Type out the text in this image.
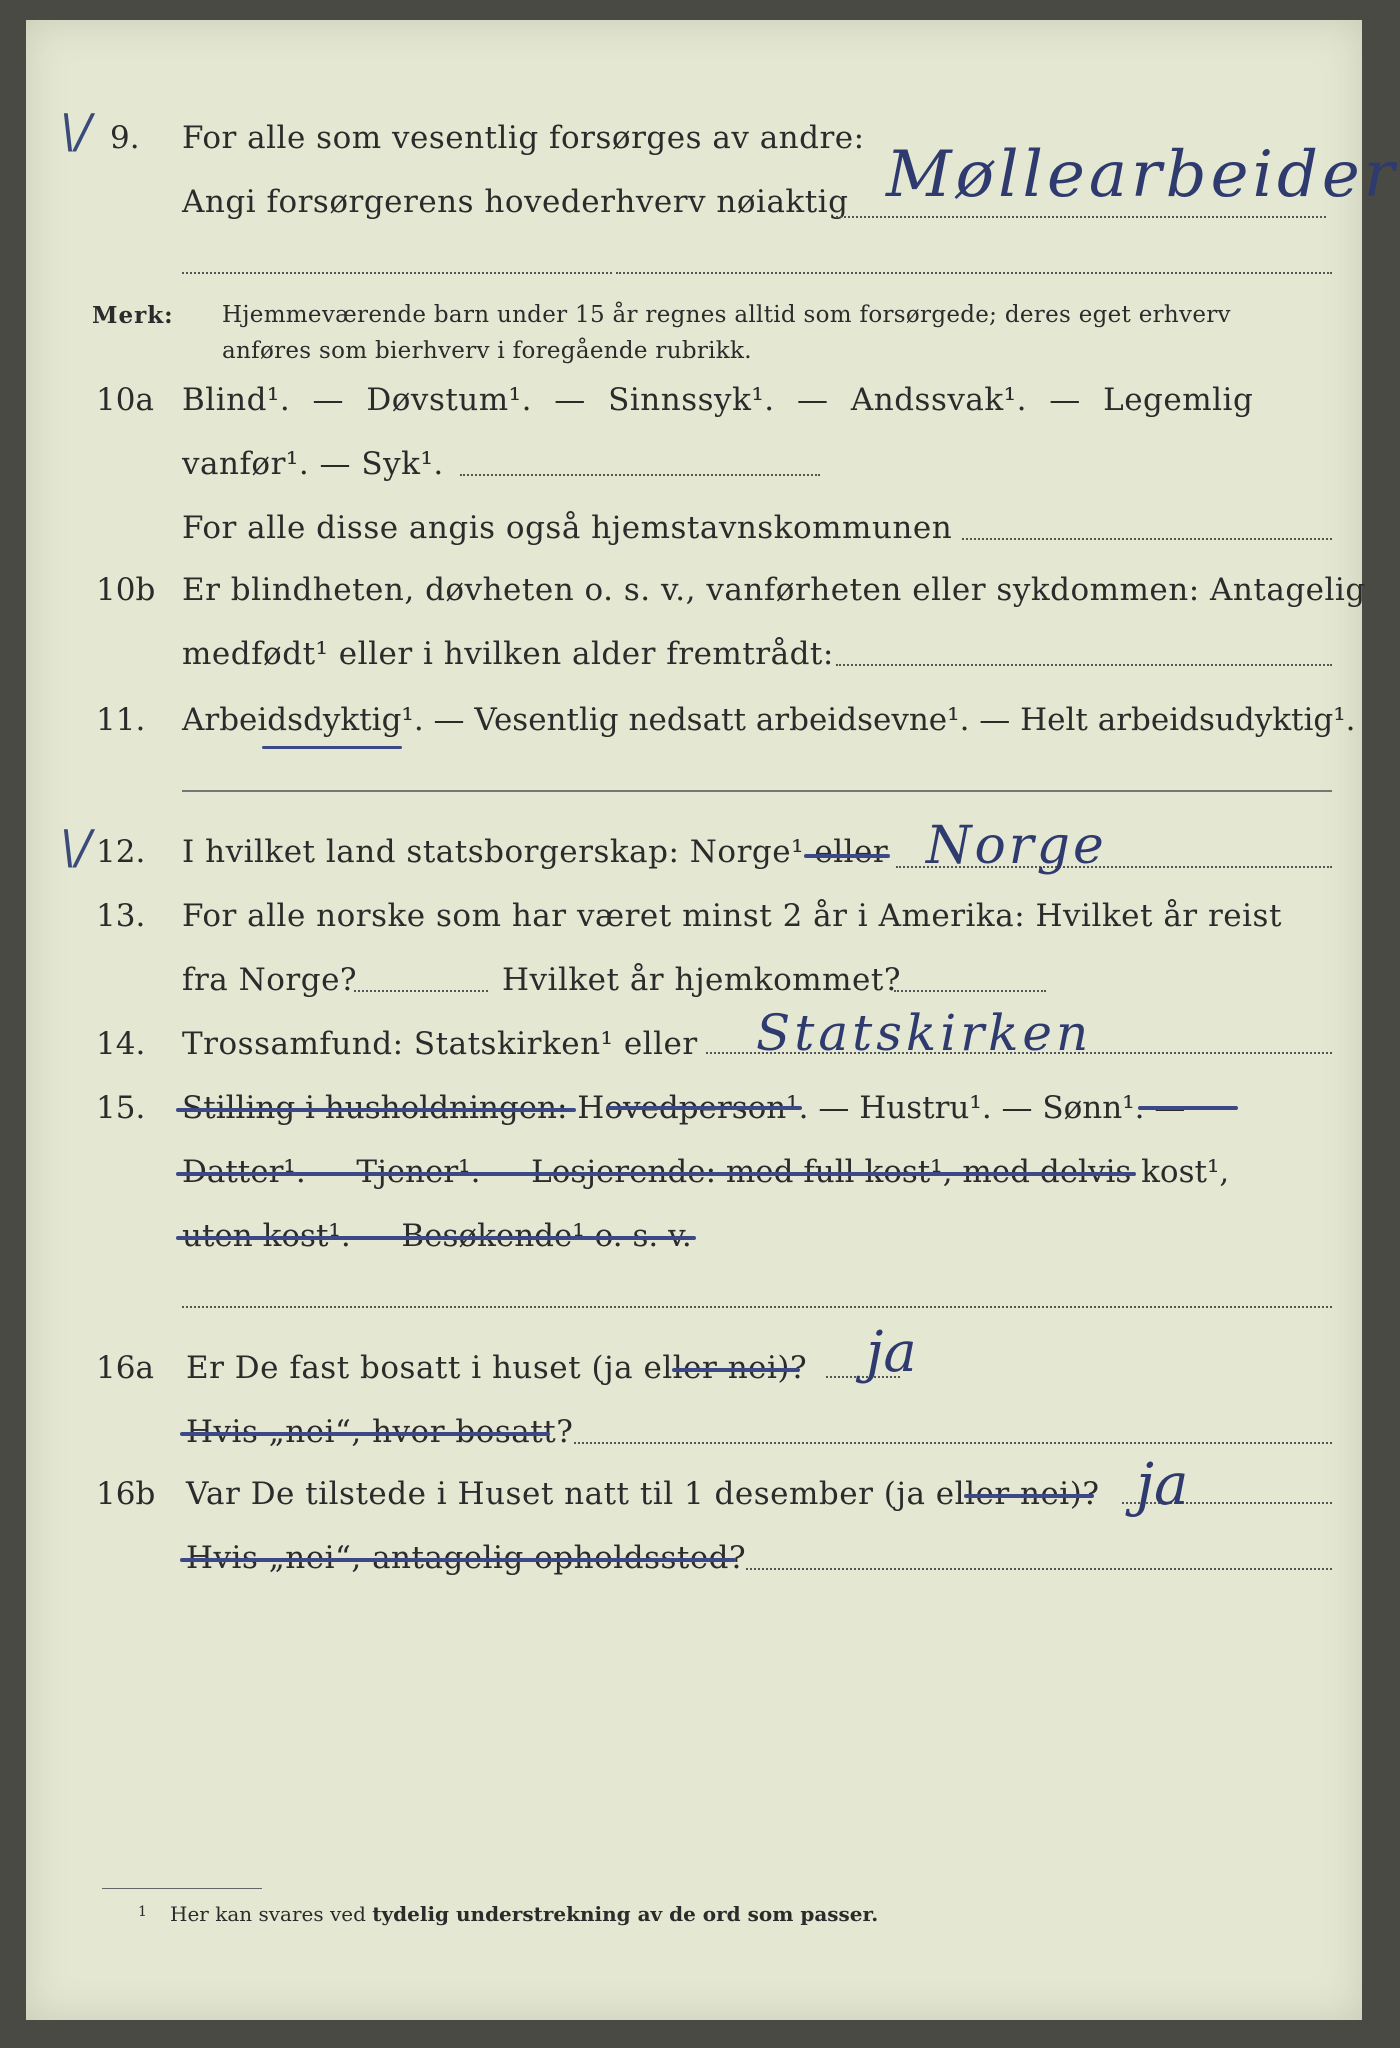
\/ 9. For alle som vesentlig forsørges av andre:
Angi forsørgerens hovederhverv nøiaktig Møllearbeider
Merk: Hjemmeværende barn under 15 år regnes alltid som forsørgede; deres eget erhverv
anføres som bierhverv i foregående rubrikk.
10a Blind¹. — Døvstum¹. — Sinnssyk¹. — Andssvak¹. — Legemlig
vanfør¹. — Syk¹.
For alle disse angis også hjemstavnskommunen
10b Er blindheten, døvheten o. s. v., vanførheten eller sykdommen: Antagelig
medfødt¹ eller i hvilken alder fremtrådt:
11. Arbeidsdyktig¹. — Vesentlig nedsatt arbeidsevne¹. — Helt arbeidsudyktig¹.
\/ 12. I hvilket land statsborgerskap: Norge¹ eller Norge
13. For alle norske som har været minst 2 år i Amerika: Hvilket år reist
fra Norge?	Hvilket år hjemkommet?
14. Trossamfund: Statskirken¹ eller Statskirken
15. Stilling i husholdningen: Hovedperson¹. — Hustru¹. — Sønn¹. —
Datter¹. — Tjener¹. — Losjerende: med full kost¹, med delvis kost¹,
uten kost¹. — Besøkende¹ o. s. v.
16a Er De fast bosatt i huset (ja eller nei)? ja
Hvis „nei“, hvor bosatt?
16b Var De tilstede i Huset natt til 1 desember (ja eller nei)? ja
Hvis „nei“, antagelig opholdssted?
1 Her kan svares ved tydelig understrekning av de ord som passer.
